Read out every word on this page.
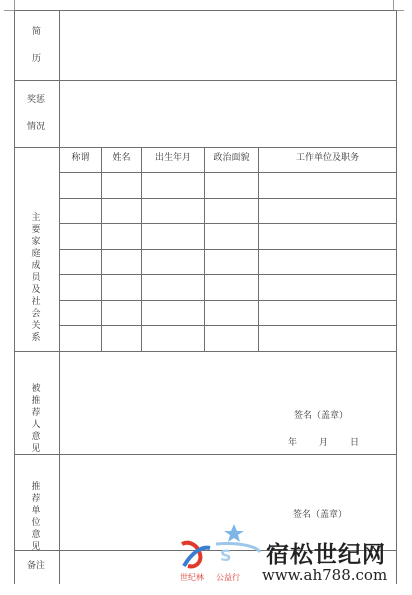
简
历
奖惩
情况
主
要
家
庭
成
员
及
社
会
关
系
称谓	姓名	出生年月	政治面貌	工作单位及职务
被
推
荐
人
意
见
签名（盖章）
年 月 日
推
荐
单
位
意
见
签名（盖章）
备注
S
世纪林 公益行
宿松世纪网
www.ah788.com
